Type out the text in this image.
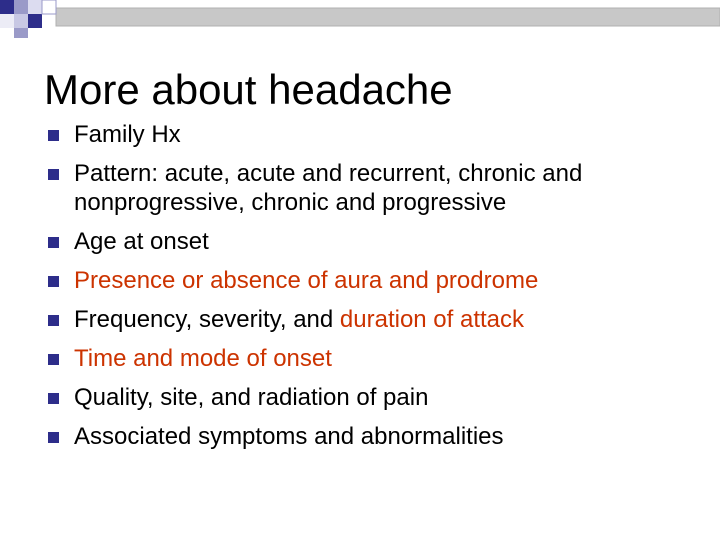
More about headache
Family Hx
Pattern: acute, acute and recurrent, chronic and nonprogressive, chronic and progressive
Age at onset
Presence or absence of aura and prodrome
Frequency, severity, and duration of attack
Time and mode of onset
Quality, site, and radiation of pain
Associated symptoms and abnormalities
